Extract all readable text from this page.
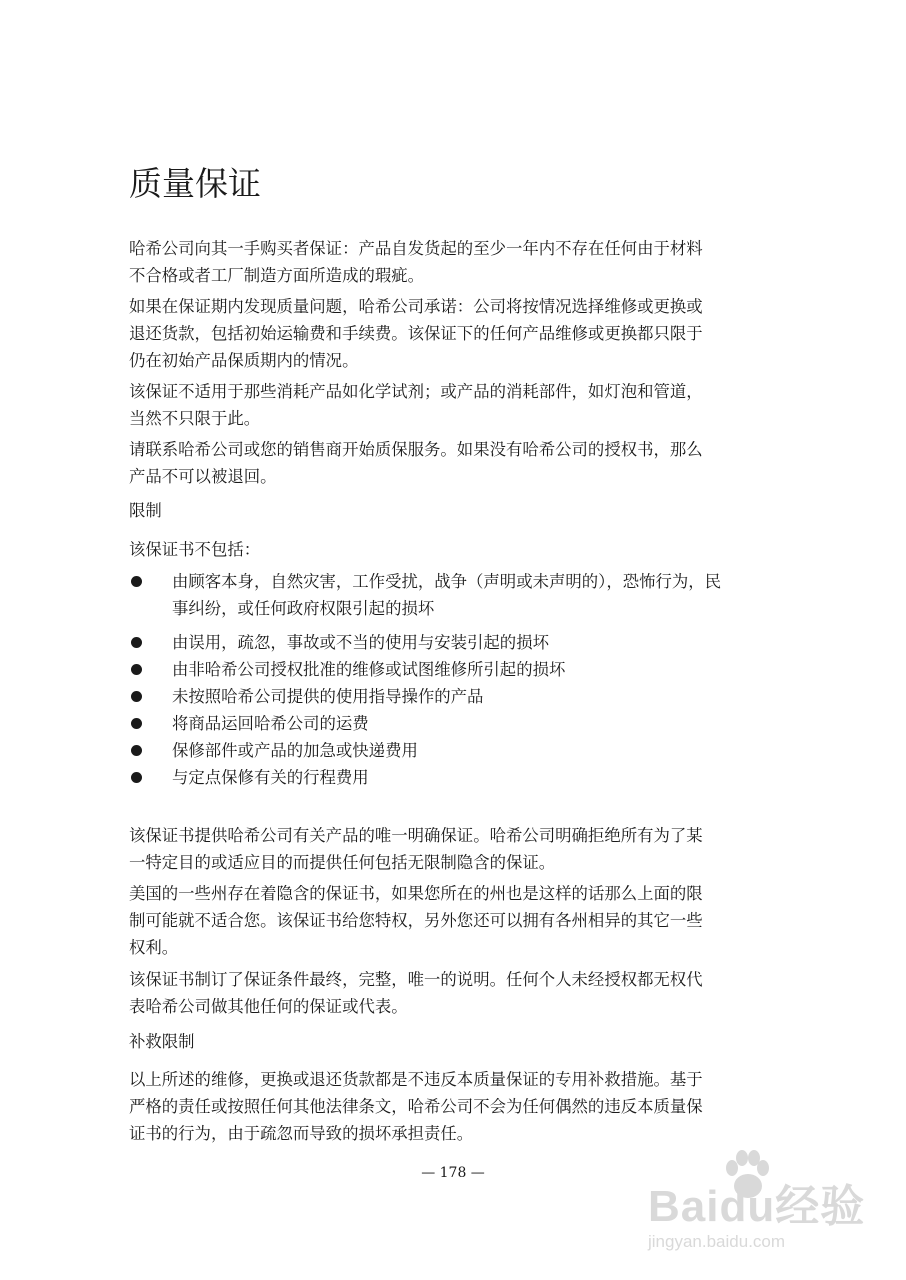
质量保证

哈希公司向其一手购买者保证：产品自发货起的至少一年内不存在任何由于材料
不合格或者工厂制造方面所造成的瑕疵。

如果在保证期内发现质量问题，哈希公司承诺：公司将按情况选择维修或更换或
退还货款，包括初始运输费和手续费。该保证下的任何产品维修或更换都只限于
仍在初始产品保质期内的情况。

该保证不适用于那些消耗产品如化学试剂；或产品的消耗部件，如灯泡和管道，
当然不只限于此。

请联系哈希公司或您的销售商开始质保服务。如果没有哈希公司的授权书，那么
产品不可以被退回。

限制

该保证书不包括：

由顾客本身，自然灾害，工作受扰，战争（声明或未声明的），恐怖行为，民
事纠纷，或任何政府权限引起的损坏
由误用，疏忽，事故或不当的使用与安装引起的损坏
由非哈希公司授权批准的维修或试图维修所引起的损坏
未按照哈希公司提供的使用指导操作的产品
将商品运回哈希公司的运费
保修部件或产品的加急或快递费用
与定点保修有关的行程费用

该保证书提供哈希公司有关产品的唯一明确保证。哈希公司明确拒绝所有为了某
一特定目的或适应目的而提供任何包括无限制隐含的保证。

美国的一些州存在着隐含的保证书，如果您所在的州也是这样的话那么上面的限
制可能就不适合您。该保证书给您特权，另外您还可以拥有各州相异的其它一些
权利。

该保证书制订了保证条件最终，完整，唯一的说明。任何个人未经授权都无权代
表哈希公司做其他任何的保证或代表。

补救限制

以上所述的维修，更换或退还货款都是不违反本质量保证的专用补救措施。基于
严格的责任或按照任何其他法律条文，哈希公司不会为任何偶然的违反本质量保
证书的行为，由于疏忽而导致的损坏承担责任。

— 178 —
Baidu经验
jingyan.baidu.com
